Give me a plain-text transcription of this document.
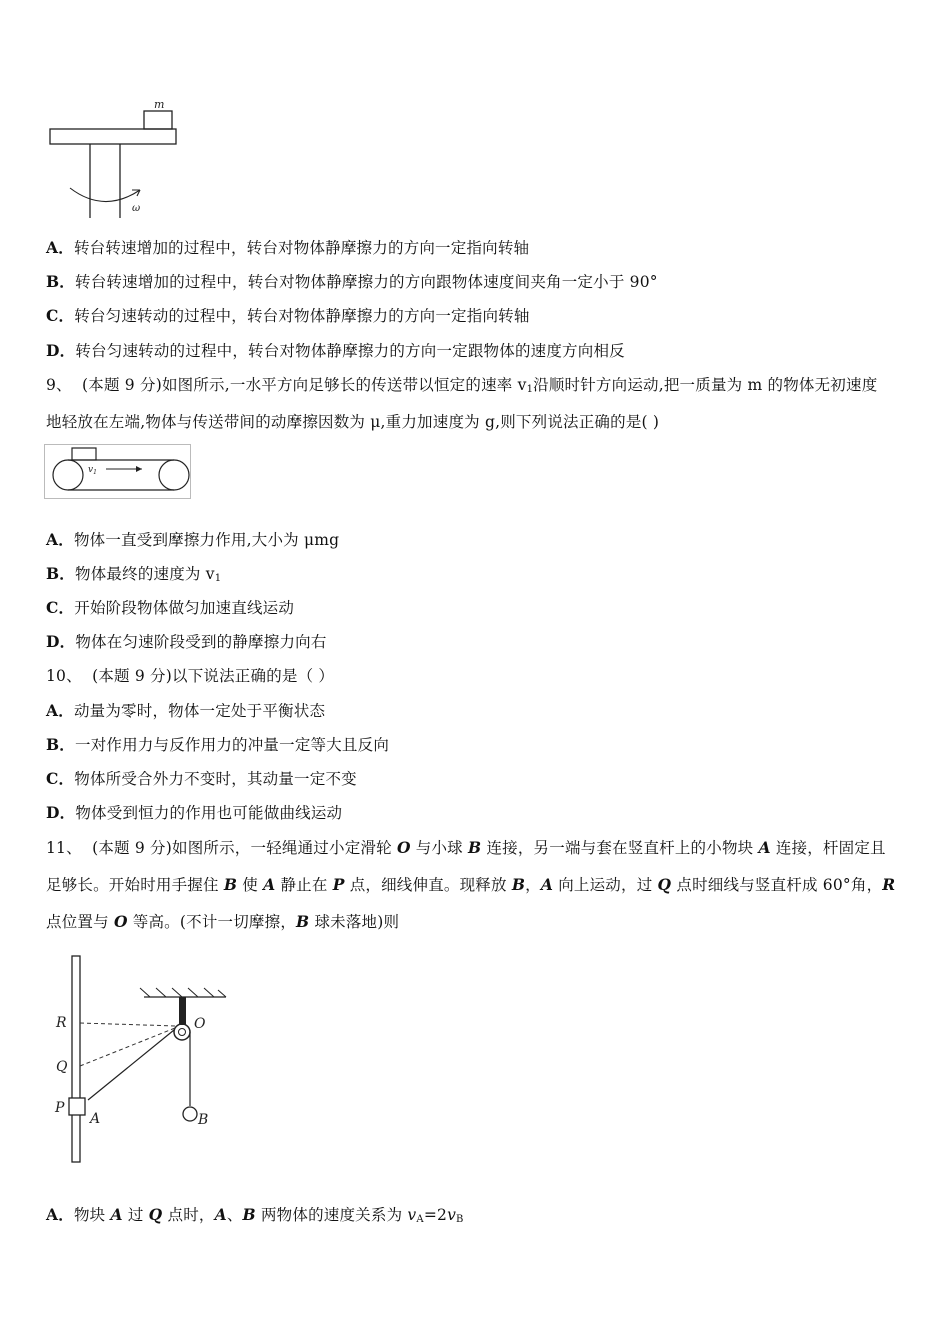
m
ω
A．转台转速增加的过程中，转台对物体静摩擦力的方向一定指向转轴
B．转台转速增加的过程中，转台对物体静摩擦力的方向跟物体速度间夹角一定小于 90°
C．转台匀速转动的过程中，转台对物体静摩擦力的方向一定指向转轴
D．转台匀速转动的过程中，转台对物体静摩擦力的方向一定跟物体的速度方向相反
9、 (本题 9 分)如图所示,一水平方向足够长的传送带以恒定的速率 $v_1$沿顺时针方向运动,把一质量为 m 的物体无初速度
地轻放在左端,物体与传送带间的动摩擦因数为 μ,重力加速度为 g,则下列说法正确的是( )
$v_1$
A．物体一直受到摩擦力作用,大小为 μmg
B．物体最终的速度为 $v_1$
C．开始阶段物体做匀加速直线运动
D．物体在匀速阶段受到的静摩擦力向右
10、 (本题 9 分)以下说法正确的是（ ）
A．动量为零时，物体一定处于平衡状态
B．一对作用力与反作用力的冲量一定等大且反向
C．物体所受合外力不变时，其动量一定不变
D．物体受到恒力的作用也可能做曲线运动
11、 (本题 9 分)如图所示，一轻绳通过小定滑轮 O 与小球 B 连接，另一端与套在竖直杆上的小物块 A 连接，杆固定且
足够长。开始时用手握住 B 使 A 静止在 P 点，细线伸直。现释放 B，A 向上运动，过 Q 点时细线与竖直杆成 60°角，R
点位置与 O 等高。(不计一切摩擦，B 球未落地)则
R
Q
P
A
O
B
A．物块 A 过 Q 点时，A、B 两物体的速度关系为 $v_A=2v_B$
